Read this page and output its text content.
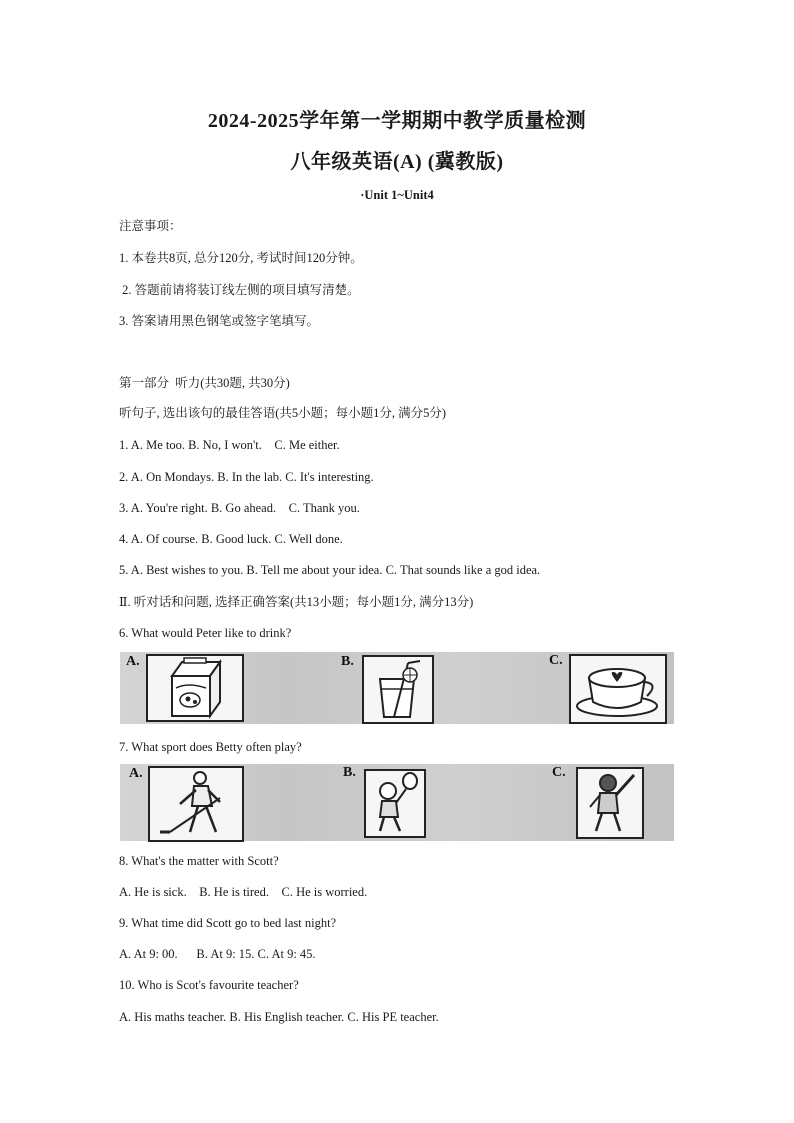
2024-2025学年第一学期期中教学质量检测
八年级英语(A) (冀教版)
·Unit 1~Unit4
注意事项：
1. 本卷共8页, 总分120分, 考试时间120分钟。
2. 答题前请将装订线左侧的项目填写清楚。
3. 答案请用黑色钢笔或签字笔填写。
第一部分  听力(共30题, 共30分)
听句子, 选出该句的最佳答语(共5小题；每小题1分, 满分5分)
1. A. Me too. B. No, I won't.    C. Me either.
2. A. On Mondays. B. In the lab. C. It's interesting.
3. A. You're right. B. Go ahead.    C. Thank you.
4. A. Of course. B. Good luck. C. Well done.
5. A. Best wishes to you. B. Tell me about your idea. C. That sounds like a god idea.
Ⅱ. 听对话和问题, 选择正确答案(共13小题；每小题1分, 满分13分)
6. What would Peter like to drink?
A.	B.	C.
7. What sport does Betty often play?
A.	B.	C.
8. What's the matter with Scott?
A. He is sick.    B. He is tired.    C. He is worried.
9. What time did Scott go to bed last night?
A. At 9: 00.      B. At 9: 15. C. At 9: 45.
10. Who is Scot's favourite teacher?
A. His maths teacher. B. His English teacher. C. His PE teacher.
